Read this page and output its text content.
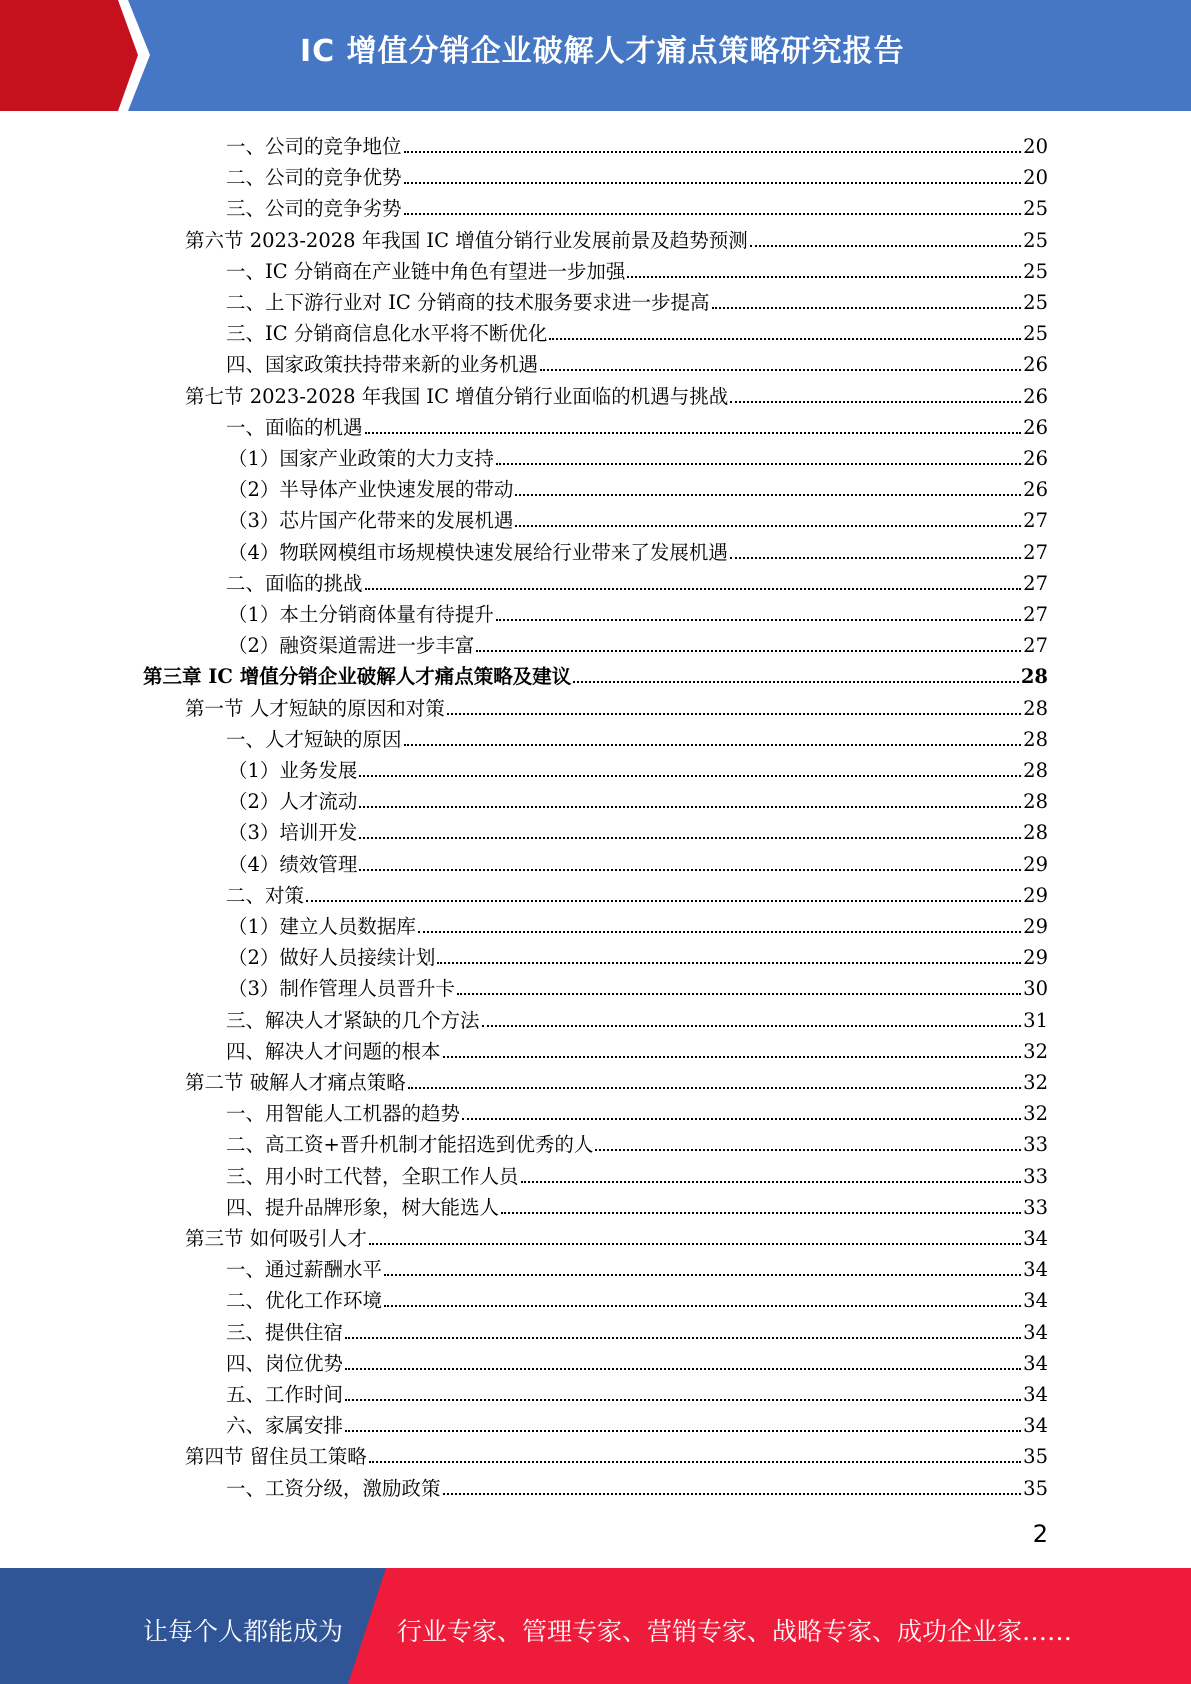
IC 增值分销企业破解人才痛点策略研究报告
一、公司的竞争地位	20
二、公司的竞争优势	20
三、公司的竞争劣势	25
第六节 2023-2028 年我国 IC 增值分销行业发展前景及趋势预测	25
一、IC 分销商在产业链中角色有望进一步加强	25
二、上下游行业对 IC 分销商的技术服务要求进一步提高	25
三、IC 分销商信息化水平将不断优化	25
四、国家政策扶持带来新的业务机遇	26
第七节 2023-2028 年我国 IC 增值分销行业面临的机遇与挑战	26
一、面临的机遇	26
（1）国家产业政策的大力支持	26
（2）半导体产业快速发展的带动	26
（3）芯片国产化带来的发展机遇	27
（4）物联网模组市场规模快速发展给行业带来了发展机遇	27
二、面临的挑战	27
（1）本土分销商体量有待提升	27
（2）融资渠道需进一步丰富	27
第三章 IC 增值分销企业破解人才痛点策略及建议	28
第一节 人才短缺的原因和对策	28
一、人才短缺的原因	28
（1）业务发展	28
（2）人才流动	28
（3）培训开发	28
（4）绩效管理	29
二、对策	29
（1）建立人员数据库	29
（2）做好人员接续计划	29
（3）制作管理人员晋升卡	30
三、解决人才紧缺的几个方法	31
四、解决人才问题的根本	32
第二节 破解人才痛点策略	32
一、用智能人工机器的趋势	32
二、高工资+晋升机制才能招选到优秀的人	33
三、用小时工代替，全职工作人员	33
四、提升品牌形象，树大能选人	33
第三节 如何吸引人才	34
一、通过薪酬水平	34
二、优化工作环境	34
三、提供住宿	34
四、岗位优势	34
五、工作时间	34
六、家属安排	34
第四节 留住员工策略	35
一、工资分级，激励政策	35
2
让每个人都能成为 行业专家、管理专家、营销专家、战略专家、成功企业家……
